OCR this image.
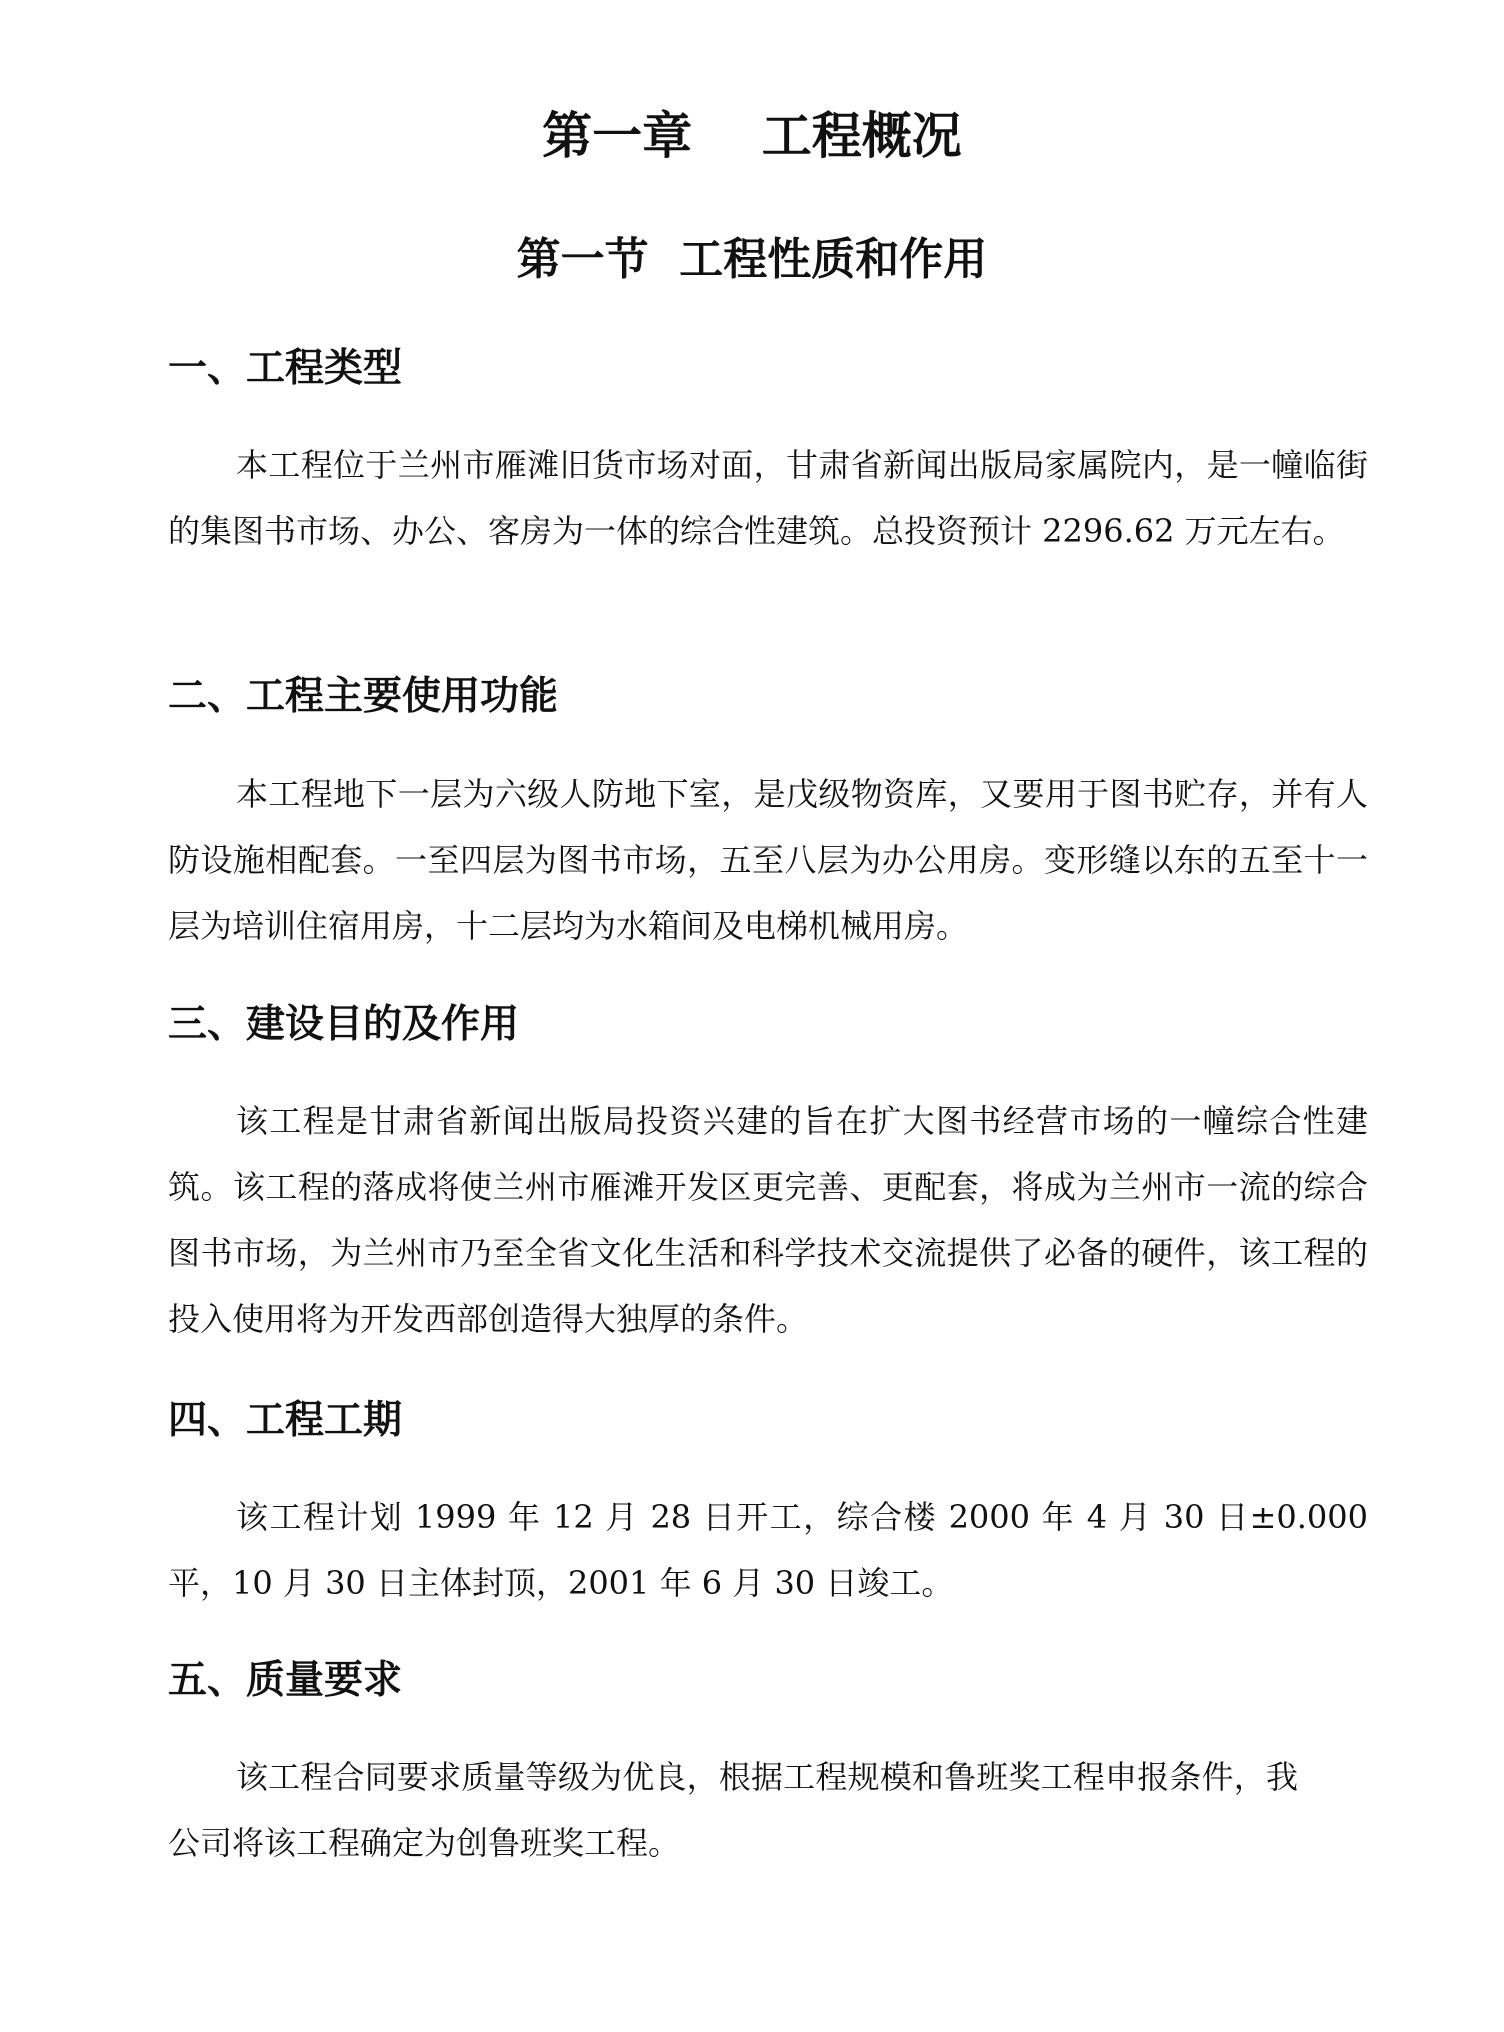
第一章    工程概况
第一节  工程性质和作用
一、工程类型

本工程位于兰州市雁滩旧货市场对面，甘肃省新闻出版局家属院内，是一幢临街的集图书市场、办公、客房为一体的综合性建筑。总投资预计 2296.62 万元左右。

二、工程主要使用功能

本工程地下一层为六级人防地下室，是戊级物资库，又要用于图书贮存，并有人防设施相配套。一至四层为图书市场，五至八层为办公用房。变形缝以东的五至十一层为培训住宿用房，十二层均为水箱间及电梯机械用房。

三、建设目的及作用

该工程是甘肃省新闻出版局投资兴建的旨在扩大图书经营市场的一幢综合性建筑。该工程的落成将使兰州市雁滩开发区更完善、更配套，将成为兰州市一流的综合图书市场，为兰州市乃至全省文化生活和科学技术交流提供了必备的硬件，该工程的投入使用将为开发西部创造得大独厚的条件。

四、工程工期

该工程计划 1999 年 12 月 28 日开工，综合楼 2000 年 4 月 30 日±0.000 平，10 月 30 日主体封顶，2001 年 6 月 30 日竣工。

五、质量要求

该工程合同要求质量等级为优良，根据工程规模和鲁班奖工程申报条件，我公司将该工程确定为创鲁班奖工程。
